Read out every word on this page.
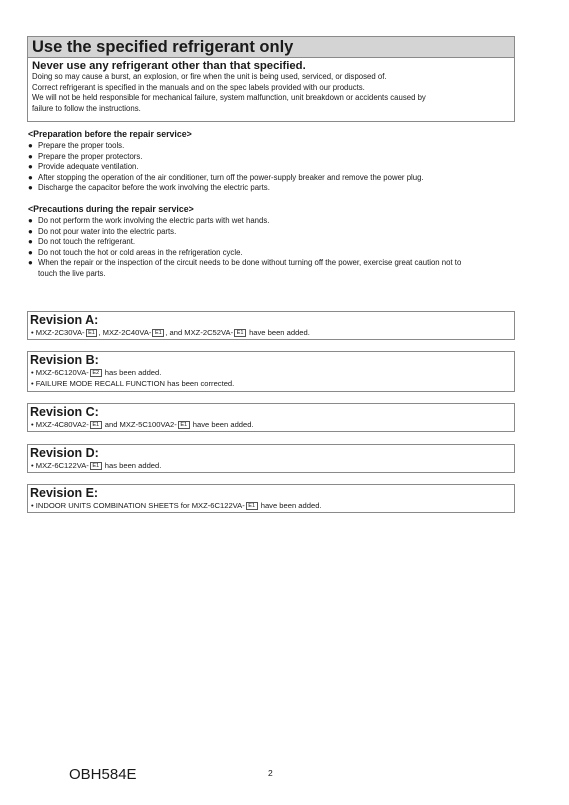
Use the specified refrigerant only
Never use any refrigerant other than that specified.
Doing so may cause a burst, an explosion, or fire when the unit is being used, serviced, or disposed of.
Correct refrigerant is specified in the manuals and on the spec labels provided with our products.
We will not be held responsible for mechanical failure, system malfunction, unit breakdown or accidents caused by
failure to follow the instructions.
<Preparation before the repair service>
● Prepare the proper tools.
● Prepare the proper protectors.
● Provide adequate ventilation.
● After stopping the operation of the air conditioner, turn off the power-supply breaker and remove the power plug.
● Discharge the capacitor before the work involving the electric parts.
<Precautions during the repair service>
● Do not perform the work involving the electric parts with wet hands.
● Do not pour water into the electric parts.
● Do not touch the refrigerant.
● Do not touch the hot or cold areas in the refrigeration cycle.
● When the repair or the inspection of the circuit needs to be done without turning off the power, exercise great caution not to
touch the live parts.
Revision A:
• MXZ-2C30VA- E1 , MXZ-2C40VA- E1 , and MXZ-2C52VA- E1 have been added.
Revision B:
• MXZ-6C120VA- E2 has been added.
• FAILURE MODE RECALL FUNCTION has been corrected.
Revision C:
• MXZ-4C80VA2- E1 and MXZ-5C100VA2- E1 have been added.
Revision D:
• MXZ-6C122VA- E1 has been added.
Revision E:
• INDOOR UNITS COMBINATION SHEETS for MXZ-6C122VA- E1 have been added.
OBH584E	2
